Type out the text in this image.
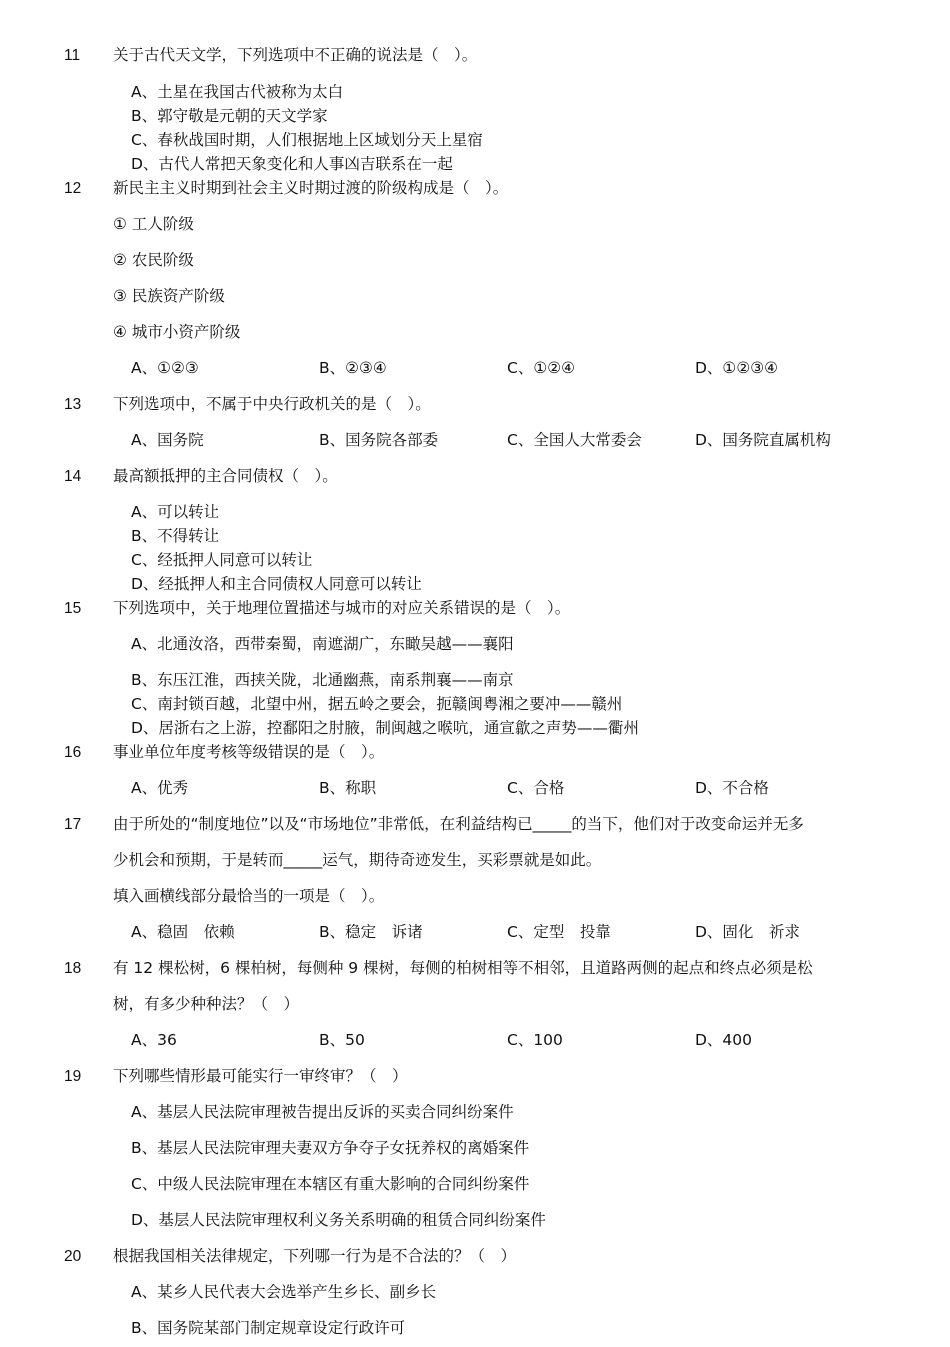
11 关于古代天文学，下列选项中不正确的说法是（　）。
A、土星在我国古代被称为太白
B、郭守敬是元朝的天文学家
C、春秋战国时期，人们根据地上区域划分天上星宿
D、古代人常把天象变化和人事凶吉联系在一起
12 新民主主义时期到社会主义时期过渡的阶级构成是（　）。
① 工人阶级
② 农民阶级
③ 民族资产阶级
④ 城市小资产阶级
A、①②③	B、②③④	C、①②④	D、①②③④
13 下列选项中，不属于中央行政机关的是（　）。
A、国务院	B、国务院各部委	C、全国人大常委会	D、国务院直属机构
14 最高额抵押的主合同债权（　）。
A、可以转让
B、不得转让
C、经抵押人同意可以转让
D、经抵押人和主合同债权人同意可以转让
15 下列选项中，关于地理位置描述与城市的对应关系错误的是（　）。
A、北通汝洛，西带秦蜀，南遮湖广，东瞰吴越——襄阳
B、东压江淮，西挟关陇，北通幽燕，南系荆襄——南京
C、南封锁百越，北望中州，据五岭之要会，扼赣闽粤湘之要冲——赣州
D、居浙右之上游，控鄱阳之肘腋，制闽越之喉吭，通宣歙之声势——衢州
16 事业单位年度考核等级错误的是（　）。
A、优秀	B、称职	C、合格	D、不合格
17 由于所处的“制度地位”以及“市场地位”非常低，在利益结构已_____的当下，他们对于改变命运并无多
少机会和预期，于是转而_____运气，期待奇迹发生，买彩票就是如此。
填入画横线部分最恰当的一项是（　）。
A、稳固　依赖	B、稳定　诉诸	C、定型　投靠	D、固化　祈求
18 有 12 棵松树，6 棵柏树，每侧种 9 棵树，每侧的柏树相等不相邻，且道路两侧的起点和终点必须是松
树，有多少种种法？（　）
A、36	B、50	C、100	D、400
19 下列哪些情形最可能实行一审终审？（　）
A、基层人民法院审理被告提出反诉的买卖合同纠纷案件
B、基层人民法院审理夫妻双方争夺子女抚养权的离婚案件
C、中级人民法院审理在本辖区有重大影响的合同纠纷案件
D、基层人民法院审理权利义务关系明确的租赁合同纠纷案件
20 根据我国相关法律规定，下列哪一行为是不合法的？（　）
A、某乡人民代表大会选举产生乡长、副乡长
B、国务院某部门制定规章设定行政许可
